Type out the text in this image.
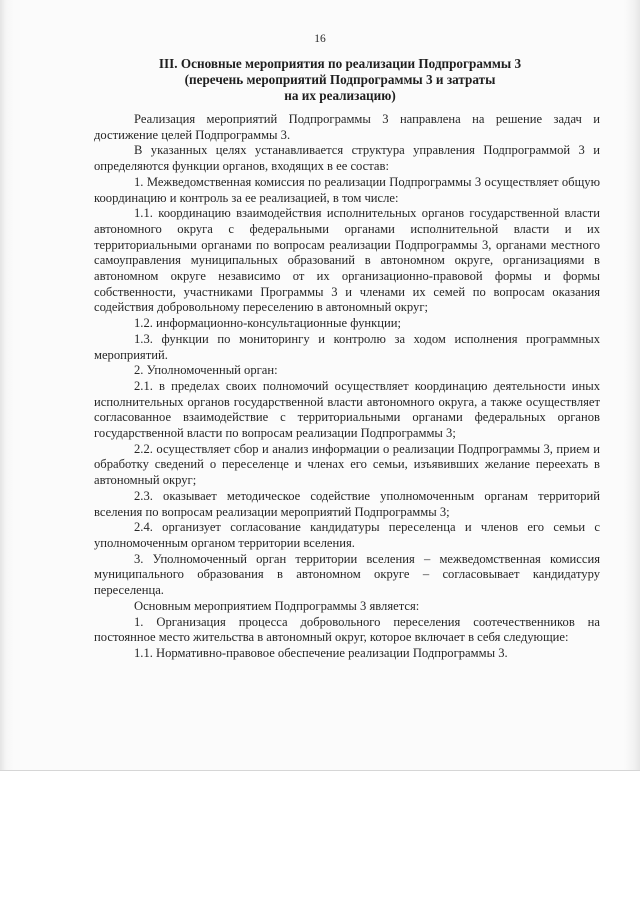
16
III. Основные мероприятия по реализации Подпрограммы 3
(перечень мероприятий Подпрограммы 3 и затраты
на их реализацию)

Реализация мероприятий Подпрограммы 3 направлена на решение задач и достижение целей Подпрограммы 3.

В указанных целях устанавливается структура управления Подпрограммой 3 и определяются функции органов, входящих в ее состав:

1. Межведомственная комиссия по реализации Подпрограммы 3 осуществляет общую координацию и контроль за ее реализацией, в том числе:

1.1. координацию взаимодействия исполнительных органов государственной власти автономного округа с федеральными органами исполнительной власти и их территориальными органами по вопросам реализации Подпрограммы 3, органами местного самоуправления муниципальных образований в автономном округе, организациями в автономном округе независимо от их организационно-правовой формы и формы собственности, участниками Программы 3 и членами их семей по вопросам оказания содействия добровольному переселению в автономный округ;

1.2. информационно-консультационные функции;

1.3. функции по мониторингу и контролю за ходом исполнения программных мероприятий.

2. Уполномоченный орган:

2.1. в пределах своих полномочий осуществляет координацию деятельности иных исполнительных органов государственной власти автономного округа, а также осуществляет согласованное взаимодействие с территориальными органами федеральных органов государственной власти по вопросам реализации Подпрограммы 3;

2.2. осуществляет сбор и анализ информации о реализации Подпрограммы 3, прием и обработку сведений о переселенце и членах его семьи, изъявивших желание переехать в автономный округ;

2.3. оказывает методическое содействие уполномоченным органам территорий вселения по вопросам реализации мероприятий Подпрограммы 3;

2.4. организует согласование кандидатуры переселенца и членов его семьи с уполномоченным органом территории вселения.

3. Уполномоченный орган территории вселения – межведомственная комиссия муниципального образования в автономном округе – согласовывает кандидатуру переселенца.

Основным мероприятием Подпрограммы 3 является:

1. Организация процесса добровольного переселения соотечественников на постоянное место жительства в автономный округ, которое включает в себя следующие:

1.1. Нормативно-правовое обеспечение реализации Подпрограммы 3.
